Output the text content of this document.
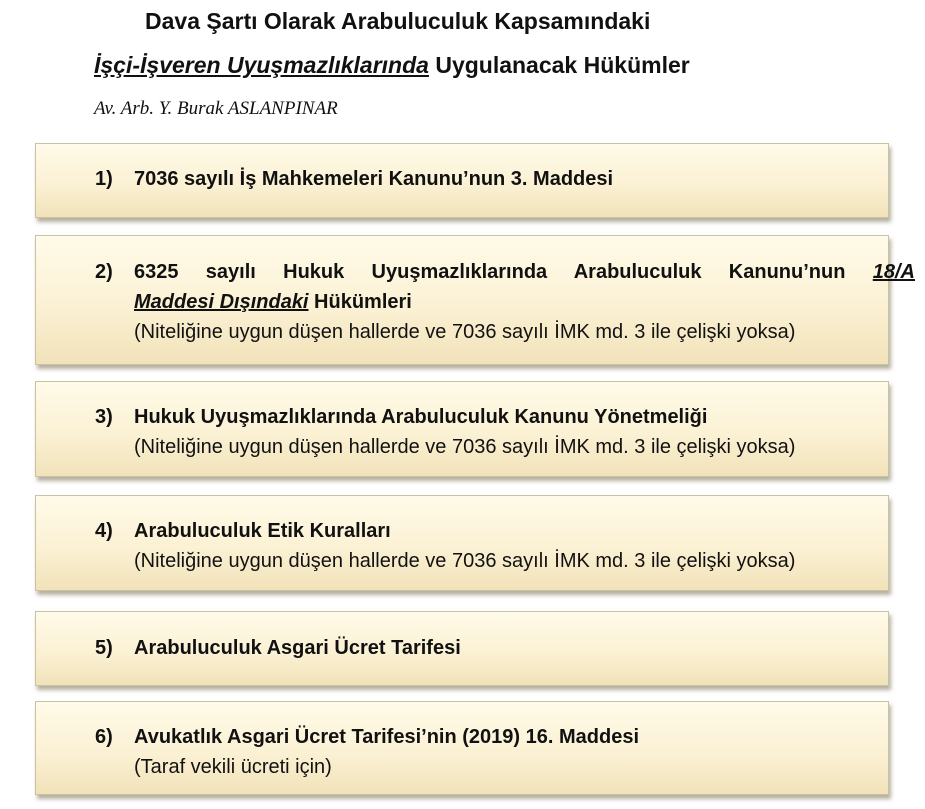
Dava Şartı Olarak Arabuluculuk Kapsamındaki
İşçi-İşveren Uyuşmazlıklarında Uygulanacak Hükümler
Av. Arb. Y. Burak ASLANPINAR
1) 7036 sayılı İş Mahkemeleri Kanunu’nun 3. Maddesi
2) 6325 sayılı Hukuk Uyuşmazlıklarında Arabuluculuk Kanunu’nun 18/A
Maddesi Dışındaki Hükümleri
(Niteliğine uygun düşen hallerde ve 7036 sayılı İMK md. 3 ile çelişki yoksa)
3) Hukuk Uyuşmazlıklarında Arabuluculuk Kanunu Yönetmeliği
(Niteliğine uygun düşen hallerde ve 7036 sayılı İMK md. 3 ile çelişki yoksa)
4) Arabuluculuk Etik Kuralları
(Niteliğine uygun düşen hallerde ve 7036 sayılı İMK md. 3 ile çelişki yoksa)
5) Arabuluculuk Asgari Ücret Tarifesi
6) Avukatlık Asgari Ücret Tarifesi’nin (2019) 16. Maddesi
(Taraf vekili ücreti için)
